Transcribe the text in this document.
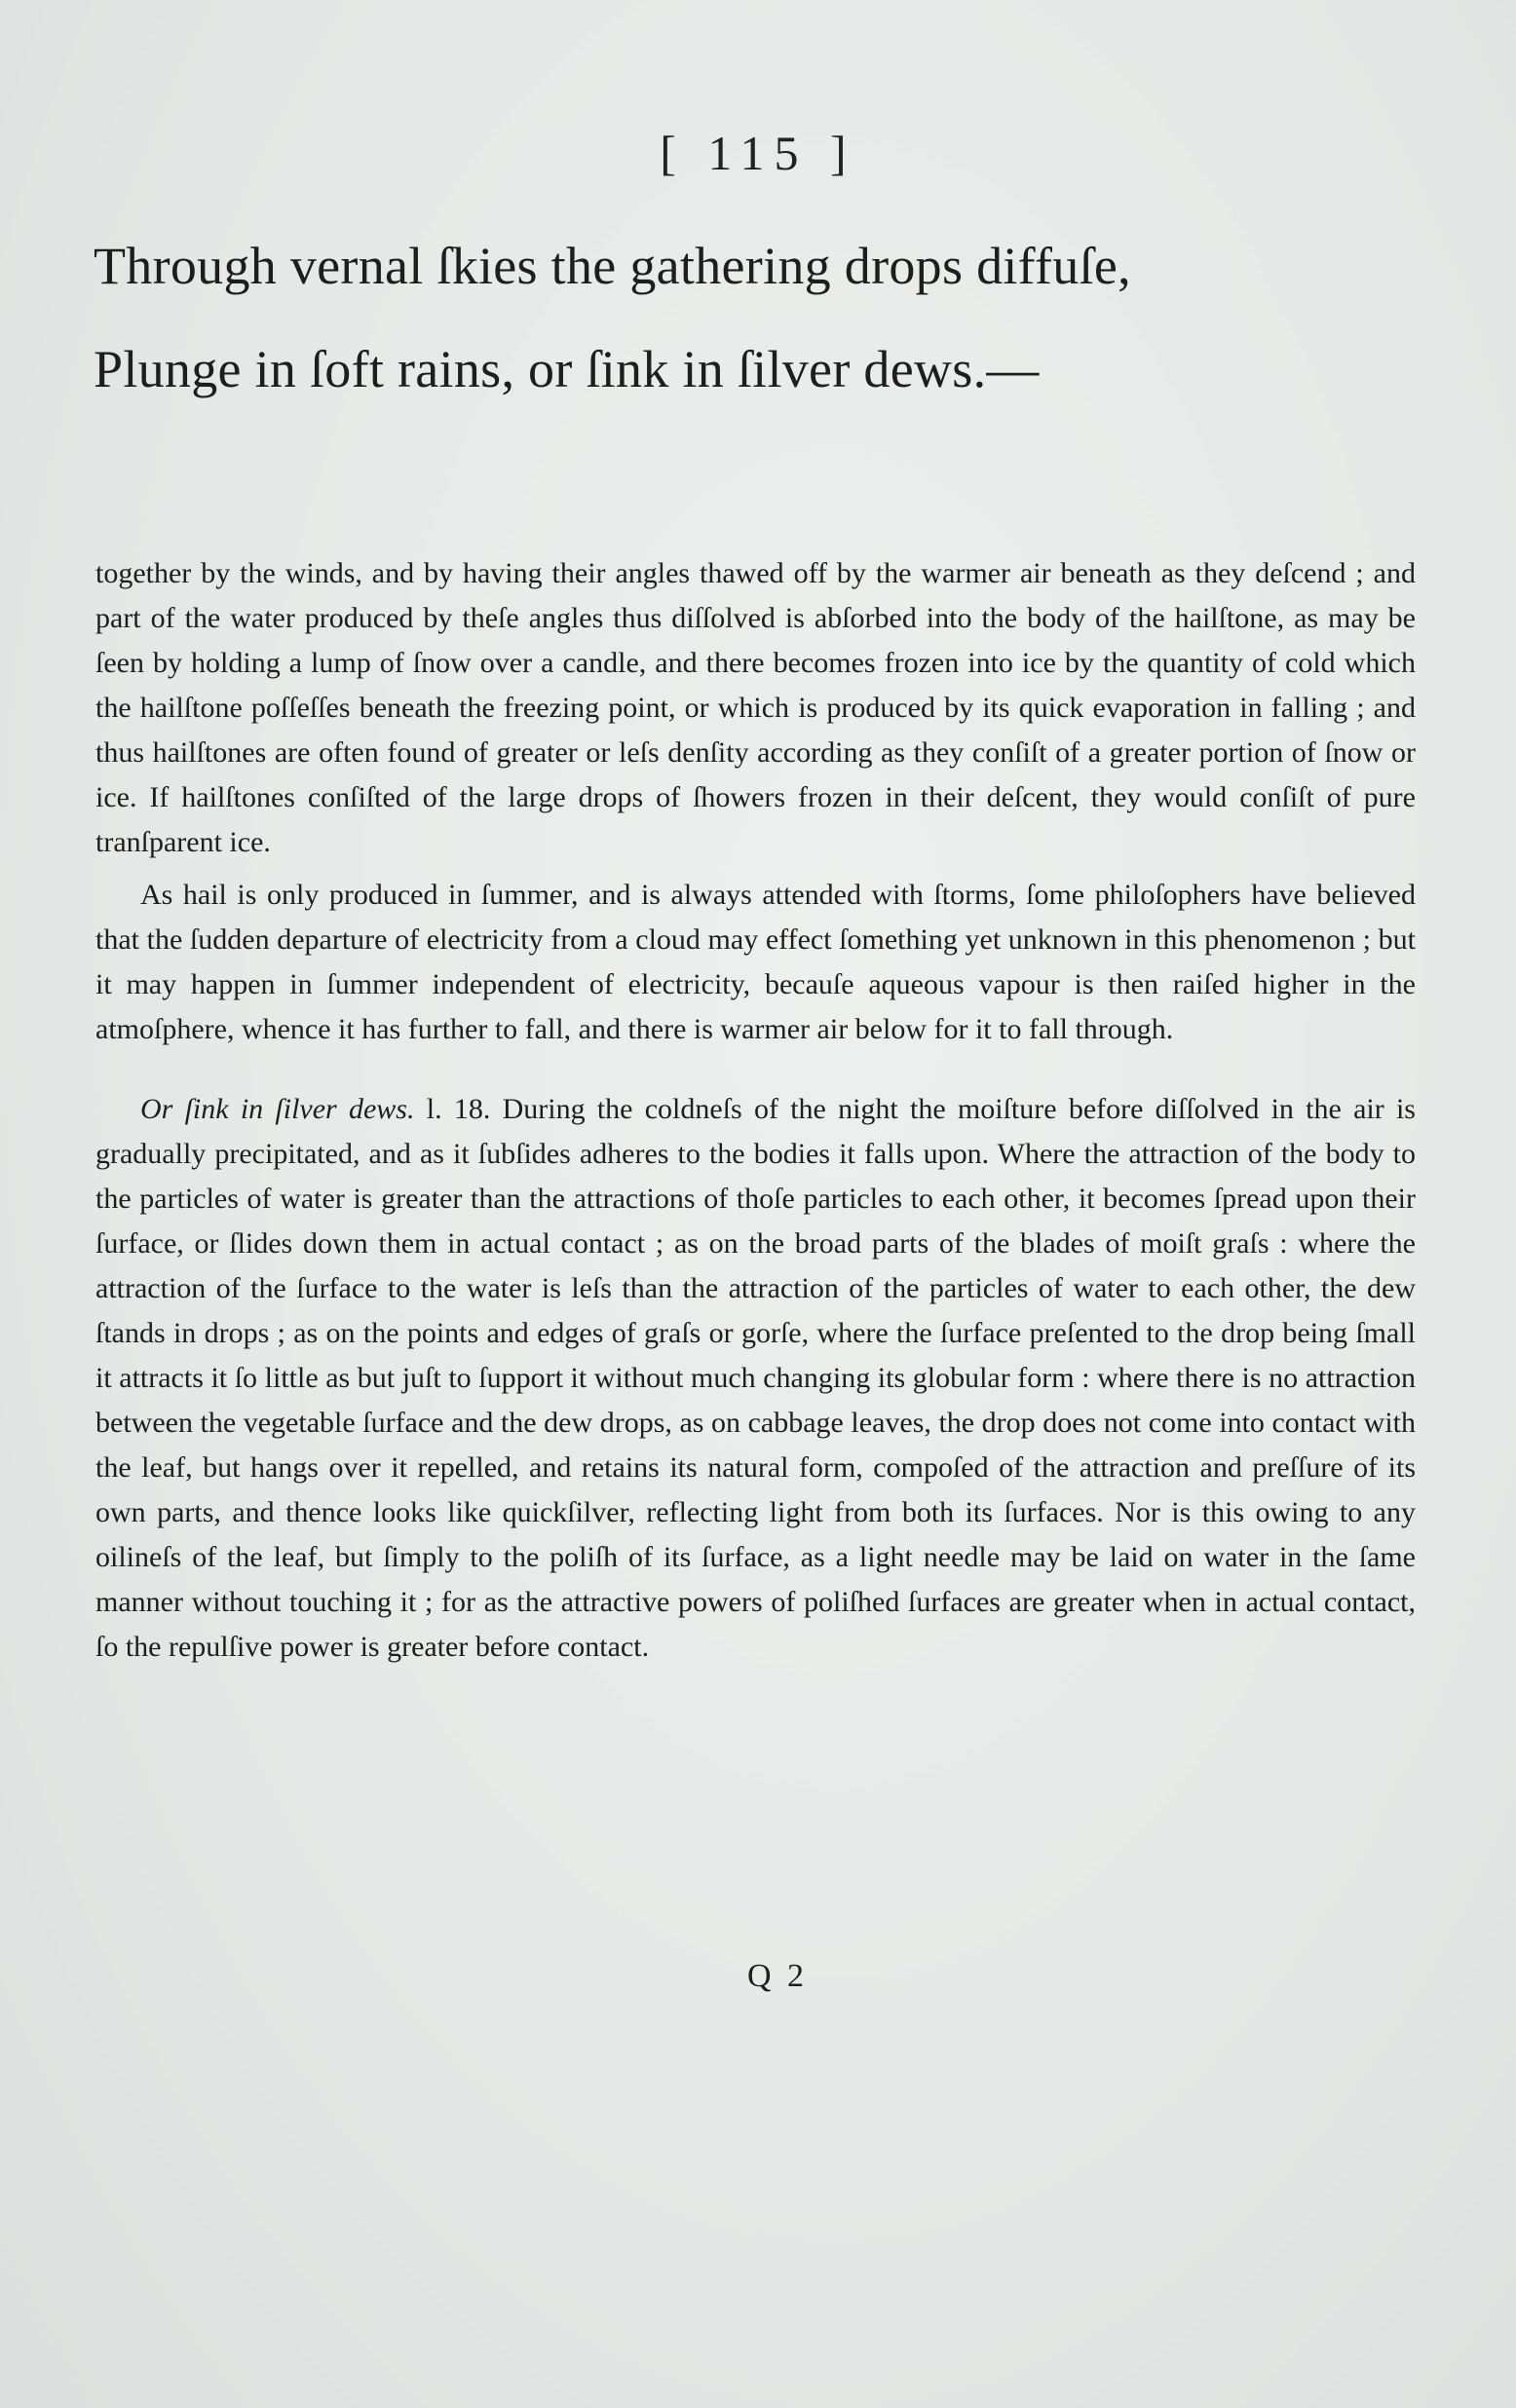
[ 115 ]
Through vernal ſkies the gathering drops diffuſe,
Plunge in ſoft rains, or ſink in ſilver dews.—

together by the winds, and by having their angles thawed off by the warmer air beneath as they deſcend ; and part of the water produced by theſe angles thus diſſolved is abſorbed into the body of the hailſtone, as may be ſeen by holding a lump of ſnow over a candle, and there becomes frozen into ice by the quantity of cold which the hailſtone poſſeſſes beneath the freezing point, or which is produced by its quick evaporation in falling ; and thus hailſtones are often found of greater or leſs denſity according as they conſiſt of a greater portion of ſnow or ice. If hailſtones conſiſted of the large drops of ſhowers frozen in their deſcent, they would conſiſt of pure tranſparent ice.

As hail is only produced in ſummer, and is always attended with ſtorms, ſome philoſophers have believed that the ſudden departure of electricity from a cloud may effect ſomething yet unknown in this phenomenon ; but it may happen in ſummer independent of electricity, becauſe aqueous vapour is then raiſed higher in the atmoſphere, whence it has further to fall, and there is warmer air below for it to fall through.

Or ſink in ſilver dews. l. 18. During the coldneſs of the night the moiſture before diſſolved in the air is gradually precipitated, and as it ſubſides adheres to the bodies it falls upon. Where the attraction of the body to the particles of water is greater than the attractions of thoſe particles to each other, it becomes ſpread upon their ſurface, or ſlides down them in actual contact ; as on the broad parts of the blades of moiſt graſs : where the attraction of the ſurface to the water is leſs than the attraction of the particles of water to each other, the dew ſtands in drops ; as on the points and edges of graſs or gorſe, where the ſurface preſented to the drop being ſmall it attracts it ſo little as but juſt to ſupport it without much changing its globular form : where there is no attraction between the vegetable ſurface and the dew drops, as on cabbage leaves, the drop does not come into contact with the leaf, but hangs over it repelled, and retains its natural form, compoſed of the attraction and preſſure of its own parts, and thence looks like quickſilver, reflecting light from both its ſurfaces. Nor is this owing to any oilineſs of the leaf, but ſimply to the poliſh of its ſurface, as a light needle may be laid on water in the ſame manner without touching it ; for as the attractive powers of poliſhed ſurfaces are greater when in actual contact, ſo the repulſive power is greater before contact.

Q 2
